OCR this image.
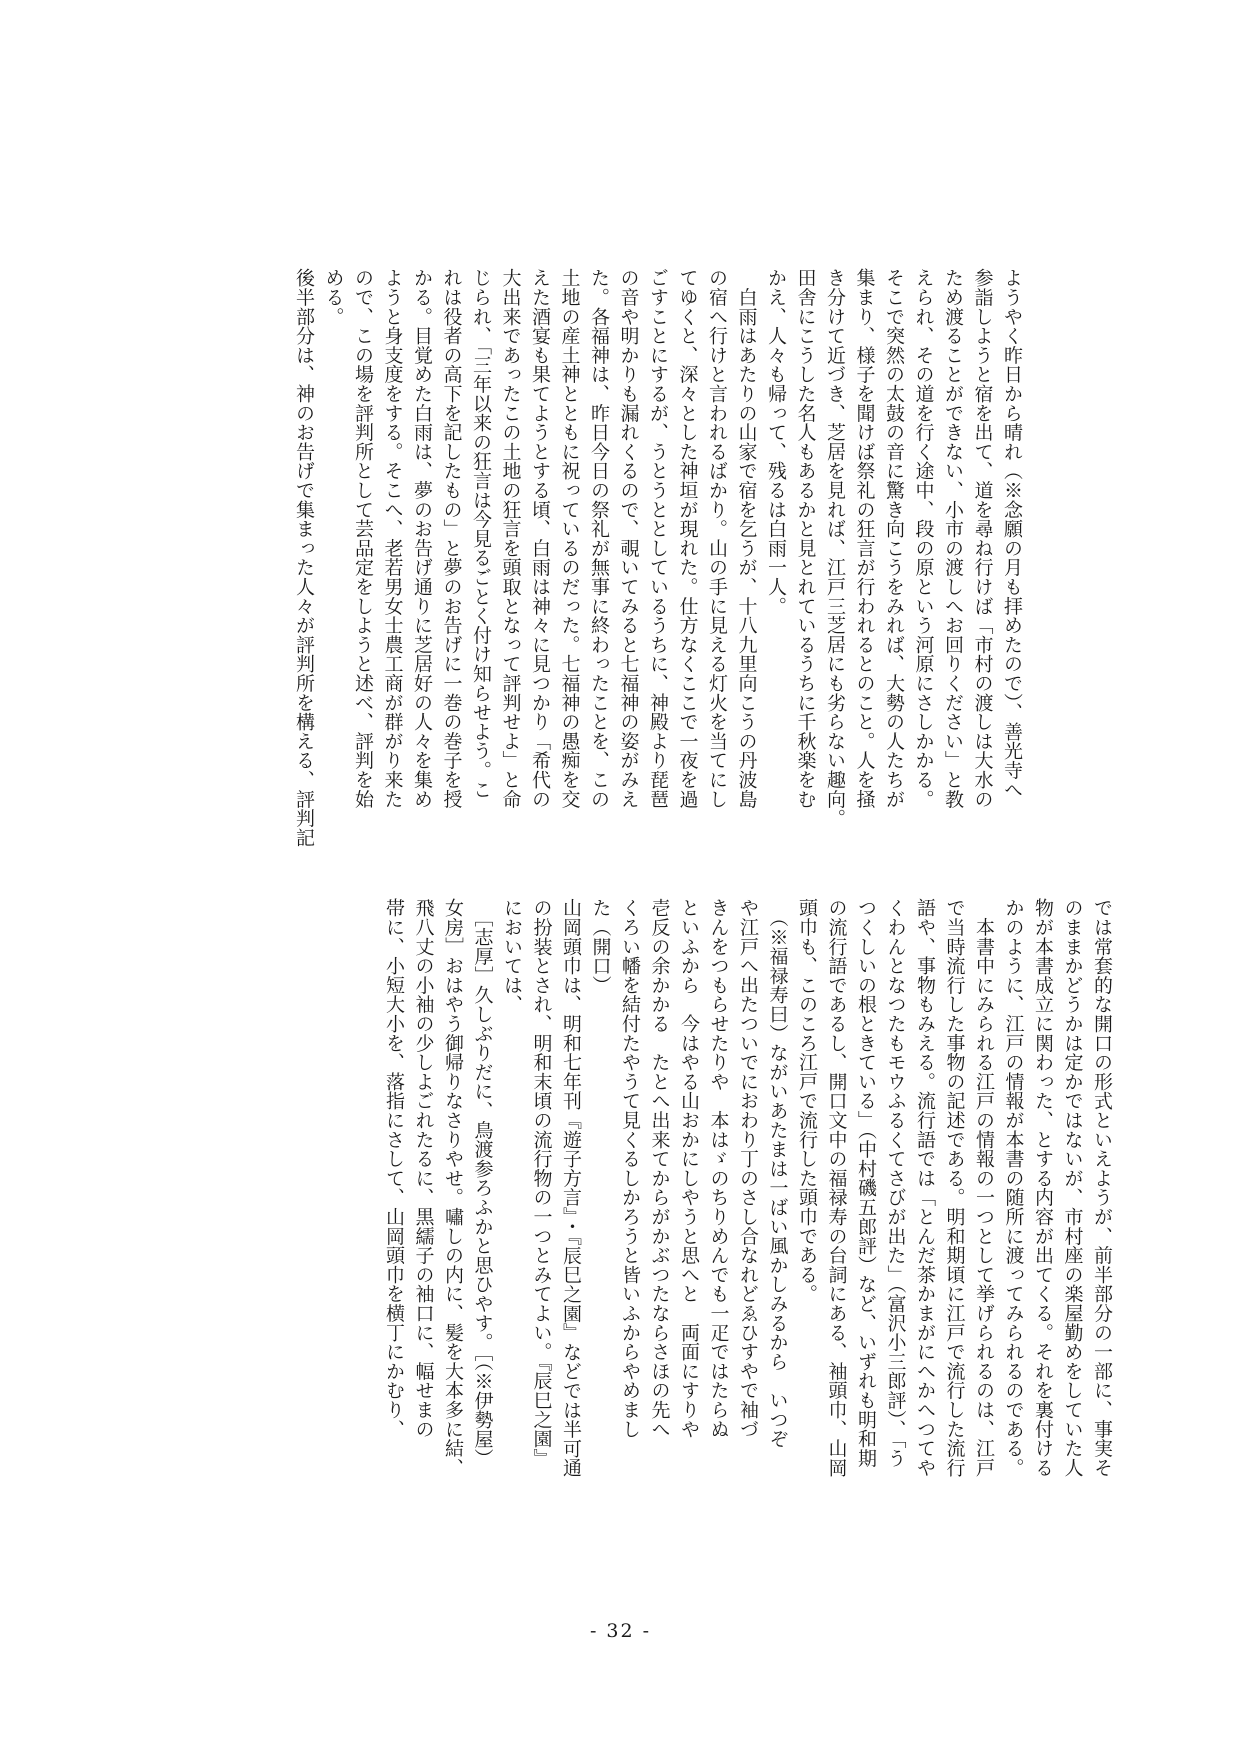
ようやく昨日から晴れ（※念願の月も拝めたので）、善光寺へ

参詣しようと宿を出て、道を尋ね行けば「市村の渡しは大水の

ため渡ることができない、小市の渡しへお回りください」と教

えられ、その道を行く途中、段の原という河原にさしかかる。

そこで突然の太鼓の音に驚き向こうをみれば、大勢の人たちが

集まり、様子を聞けば祭礼の狂言が行われるとのこと。人を掻

き分けて近づき、芝居を見れば、江戸三芝居にも劣らない趣向。

田舎にこうした名人もあるかと見とれているうちに千秋楽をむ

かえ、人々も帰って、残るは白雨一人。

　白雨はあたりの山家で宿を乞うが、十八九里向こうの丹波島

の宿へ行けと言われるばかり。山の手に見える灯火を当てにし

てゆくと、深々とした神垣が現れた。仕方なくここで一夜を過

ごすことにするが、うとうととしているうちに、神殿より琵琶

の音や明かりも漏れくるので、覗いてみると七福神の姿がみえ

た。各福神は、昨日今日の祭礼が無事に終わったことを、この

土地の産土神とともに祝っているのだった。七福神の愚痴を交

えた酒宴も果てようとする頃、白雨は神々に見つかり「希代の

大出来であったこの土地の狂言を頭取となって評判せよ」と命

じられ、「三年以来の狂言は今見るごとく付け知らせよう。こ

れは役者の高下を記したもの」と夢のお告げに一巻の巻子を授

かる。目覚めた白雨は、夢のお告げ通りに芝居好の人々を集め

ようと身支度をする。そこへ、老若男女士農工商が群がり来た

ので、この場を評判所として芸品定をしようと述べ、評判を始

める。

後半部分は、神のお告げで集まった人々が評判所を構える、評判記

では常套的な開口の形式といえようが、前半部分の一部に、事実そ

のままかどうかは定かではないが、市村座の楽屋勤めをしていた人

物が本書成立に関わった、とする内容が出てくる。それを裏付ける

かのように、江戸の情報が本書の随所に渡ってみられるのである。

　本書中にみられる江戸の情報の一つとして挙げられるのは、江戸

で当時流行した事物の記述である。明和期頃に江戸で流行した流行

語や、事物もみえる。流行語では「とんだ茶かまがにへかへつてや

くわんとなつたもモウふるくてさびが出た」（富沢小三郎評）、「う

つくしいの根ときている」（中村磯五郎評）など、いずれも明和期

の流行語であるし、開口文中の福禄寿の台詞にある、袖頭巾、山岡

頭巾も、このころ江戸で流行した頭巾である。

　（※福禄寿曰）ながいあたまは一ばい風かしみるから　いつぞ

や江戸へ出たついでにおわり丁のさし合なれどゑひすやで袖づ

きんをつもらせたりや　本はゞのちりめんでも一疋ではたらぬ

といふから　今はやる山おかにしやうと思へと　両面にすりや

壱反の余かかる　たとへ出来てからがかぶつたならさほの先へ

くろい幡を結付たやうて見くるしかろうと皆いふからやめまし

た（開口）

山岡頭巾は、明和七年刊『遊子方言』・『辰巳之園』などでは半可通

の扮装とされ、明和末頃の流行物の一つとみてよい。『辰巳之園』

においては、

　［志厚］久しぶりだに、鳥渡参ろふかと思ひやす。［（※伊勢屋）

女房］おはやう御帰りなさりやせ。嘯しの内に、髪を大本多に結、

飛八丈の小袖の少しよごれたるに、黒繻子の袖口に、幅せまの

帯に、小短大小を、落指にさして、山岡頭巾を横丁にかむり、

- 32 -
